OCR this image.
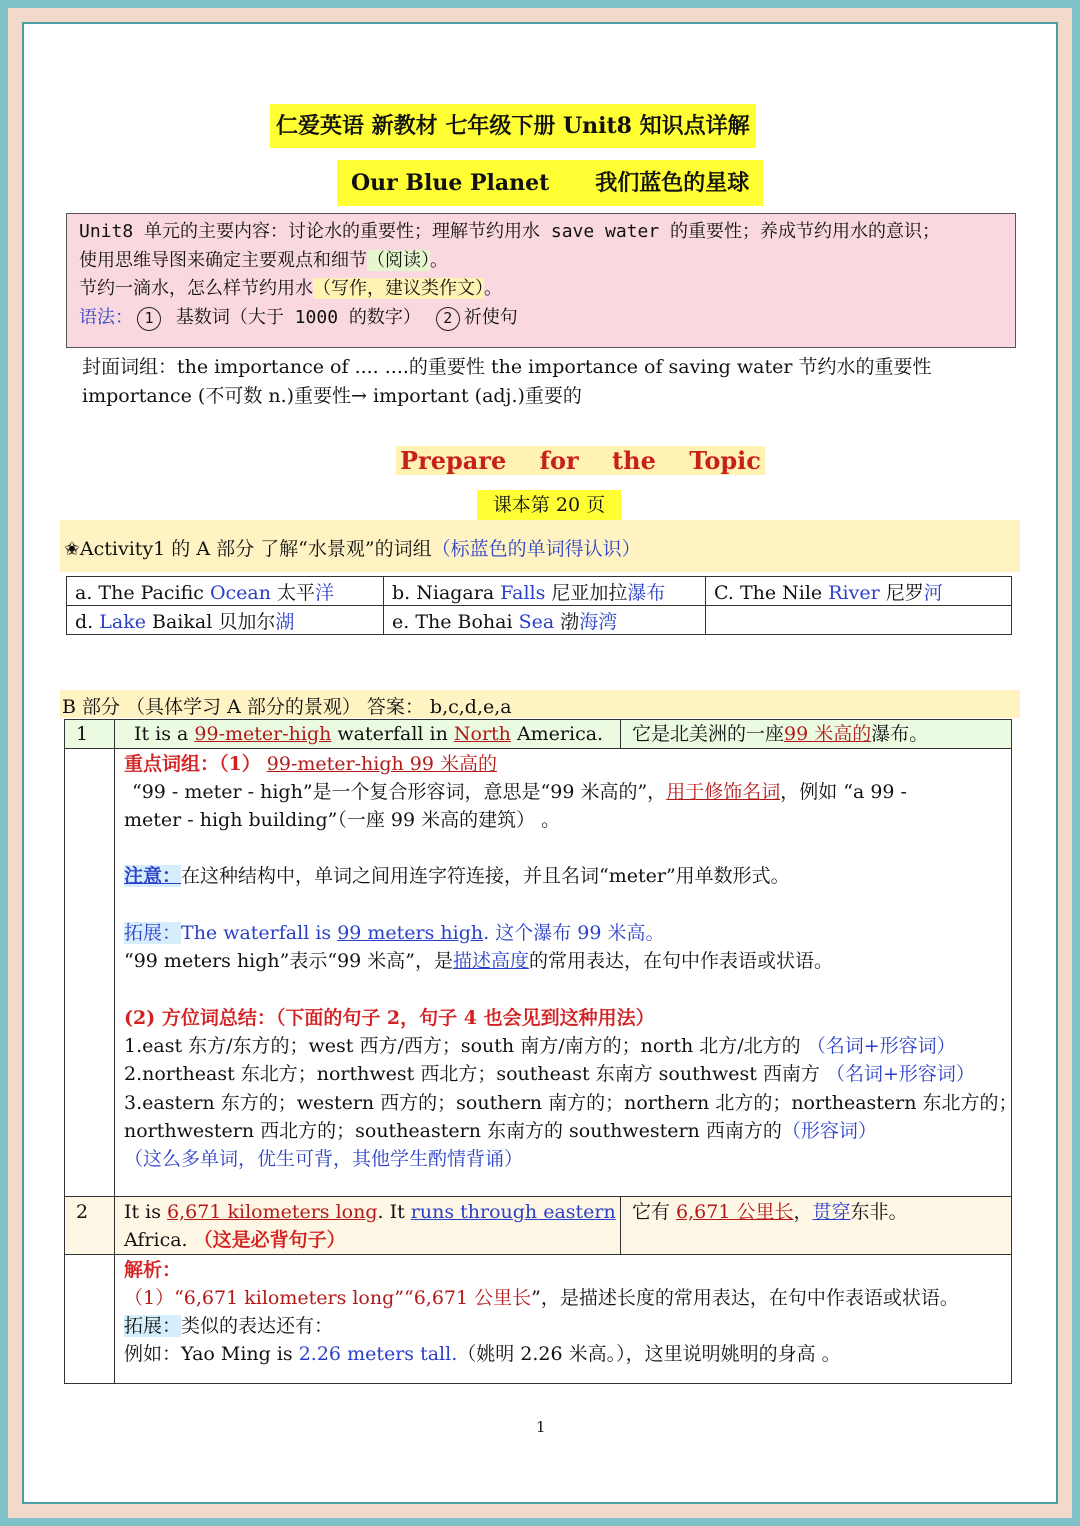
仁爱英语 新教材 七年级下册 Unit8 知识点详解
Our Blue Planet 我们蓝色的星球
Unit8 单元的主要内容：讨论水的重要性；理解节约用水 save water 的重要性；养成节约用水的意识；
使用思维导图来确定主要观点和细节（阅读）。
节约一滴水，怎么样节约用水（写作，建议类作文）。
语法： 1 基数词（大于 1000 的数字） 2 祈使句
封面词组：the importance of .... ....的重要性 the importance of saving water 节约水的重要性
importance (不可数 n.)重要性→ important (adj.)重要的
Prepare    for    the    Topic
课本第 20 页
✬Activity1 的 A 部分 了解“水景观”的词组（标蓝色的单词得认识）
a. The Pacific Ocean 太平洋	b. Niagara Falls 尼亚加拉瀑布	C. The Nile River 尼罗河
d. Lake Baikal 贝加尔湖	e. The Bohai Sea 渤海湾	
B 部分 （具体学习 A 部分的景观） 答案： b,c,d,e,a
1 It is a 99-meter-high waterfall in North America. 它是北美洲的一座99 米高的瀑布。
重点词组：（1） 99-meter-high 99 米高的
“99 - meter - high”是一个复合形容词，意思是“99 米高的”，用于修饰名词，例如 “a 99 -
meter - high building”（一座 99 米高的建筑） 。
注意：在这种结构中，单词之间用连字符连接，并且名词“meter”用单数形式。
拓展：The waterfall is 99 meters high. 这个瀑布 99 米高。
“99 meters high”表示“99 米高”，是描述高度的常用表达，在句中作表语或状语。
(2) 方位词总结：（下面的句子 2，句子 4 也会见到这种用法）
1.east 东方/东方的；west 西方/西方；south 南方/南方的；north 北方/北方的 （名词+形容词）
2.northeast 东北方；northwest 西北方；southeast 东南方 southwest 西南方 （名词+形容词）
3.eastern 东方的；western 西方的；southern 南方的；northern 北方的；northeastern 东北方的；
northwestern 西北方的；southeastern 东南方的 southwestern 西南方的（形容词）
（这么多单词，优生可背，其他学生酌情背诵）
2 It is 6,671 kilometers long. It runs through eastern
Africa. （这是必背句子）
它有 6,671 公里长，贯穿东非。
解析：
（1）“6,671 kilometers long”“6,671 公里长”，是描述长度的常用表达，在句中作表语或状语。
拓展：类似的表达还有：
例如：Yao Ming is 2.26 meters tall.（姚明 2.26 米高。），这里说明姚明的身高 。
1
